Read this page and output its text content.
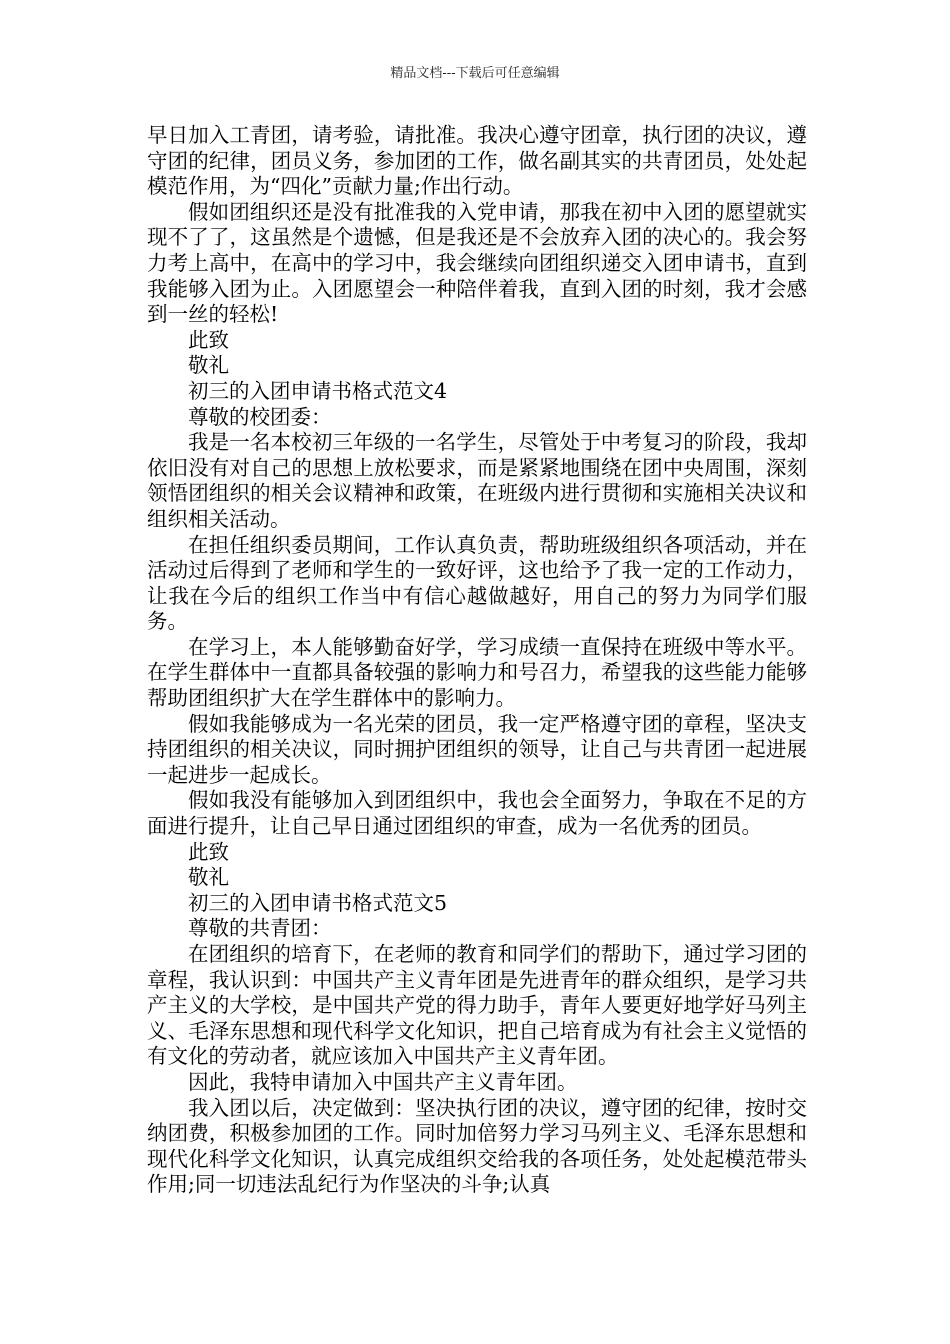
精品文档---下载后可任意编辑

早日加入工青团，请考验，请批准。我决心遵守团章，执行团的决议，遵守团的纪律，团员义务，参加团的工作，做名副其实的共青团员，处处起模范作用，为“四化”贡献力量;作出行动。

假如团组织还是没有批准我的入党申请，那我在初中入团的愿望就实现不了了，这虽然是个遗憾，但是我还是不会放弃入团的决心的。我会努力考上高中，在高中的学习中，我会继续向团组织递交入团申请书，直到我能够入团为止。入团愿望会一种陪伴着我，直到入团的时刻，我才会感到一丝的轻松!

此致

敬礼

初三的入团申请书格式范文4

尊敬的校团委：

我是一名本校初三年级的一名学生，尽管处于中考复习的阶段，我却依旧没有对自己的思想上放松要求，而是紧紧地围绕在团中央周围，深刻领悟团组织的相关会议精神和政策，在班级内进行贯彻和实施相关决议和组织相关活动。

在担任组织委员期间，工作认真负责，帮助班级组织各项活动，并在活动过后得到了老师和学生的一致好评，这也给予了我一定的工作动力，让我在今后的组织工作当中有信心越做越好，用自己的努力为同学们服务。

在学习上，本人能够勤奋好学，学习成绩一直保持在班级中等水平。在学生群体中一直都具备较强的影响力和号召力，希望我的这些能力能够帮助团组织扩大在学生群体中的影响力。

假如我能够成为一名光荣的团员，我一定严格遵守团的章程，坚决支持团组织的相关决议，同时拥护团组织的领导，让自己与共青团一起进展一起进步一起成长。

假如我没有能够加入到团组织中，我也会全面努力，争取在不足的方面进行提升，让自己早日通过团组织的审查，成为一名优秀的团员。

此致

敬礼

初三的入团申请书格式范文5

尊敬的共青团：

在团组织的培育下，在老师的教育和同学们的帮助下，通过学习团的章程，我认识到：中国共产主义青年团是先进青年的群众组织，是学习共产主义的大学校，是中国共产党的得力助手，青年人要更好地学好马列主义、毛泽东思想和现代科学文化知识，把自己培育成为有社会主义觉悟的有文化的劳动者，就应该加入中国共产主义青年团。

因此，我特申请加入中国共产主义青年团。

我入团以后，决定做到：坚决执行团的决议，遵守团的纪律，按时交纳团费，积极参加团的工作。同时加倍努力学习马列主义、毛泽东思想和现代化科学文化知识，认真完成组织交给我的各项任务，处处起模范带头作用;同一切违法乱纪行为作坚决的斗争;认真
